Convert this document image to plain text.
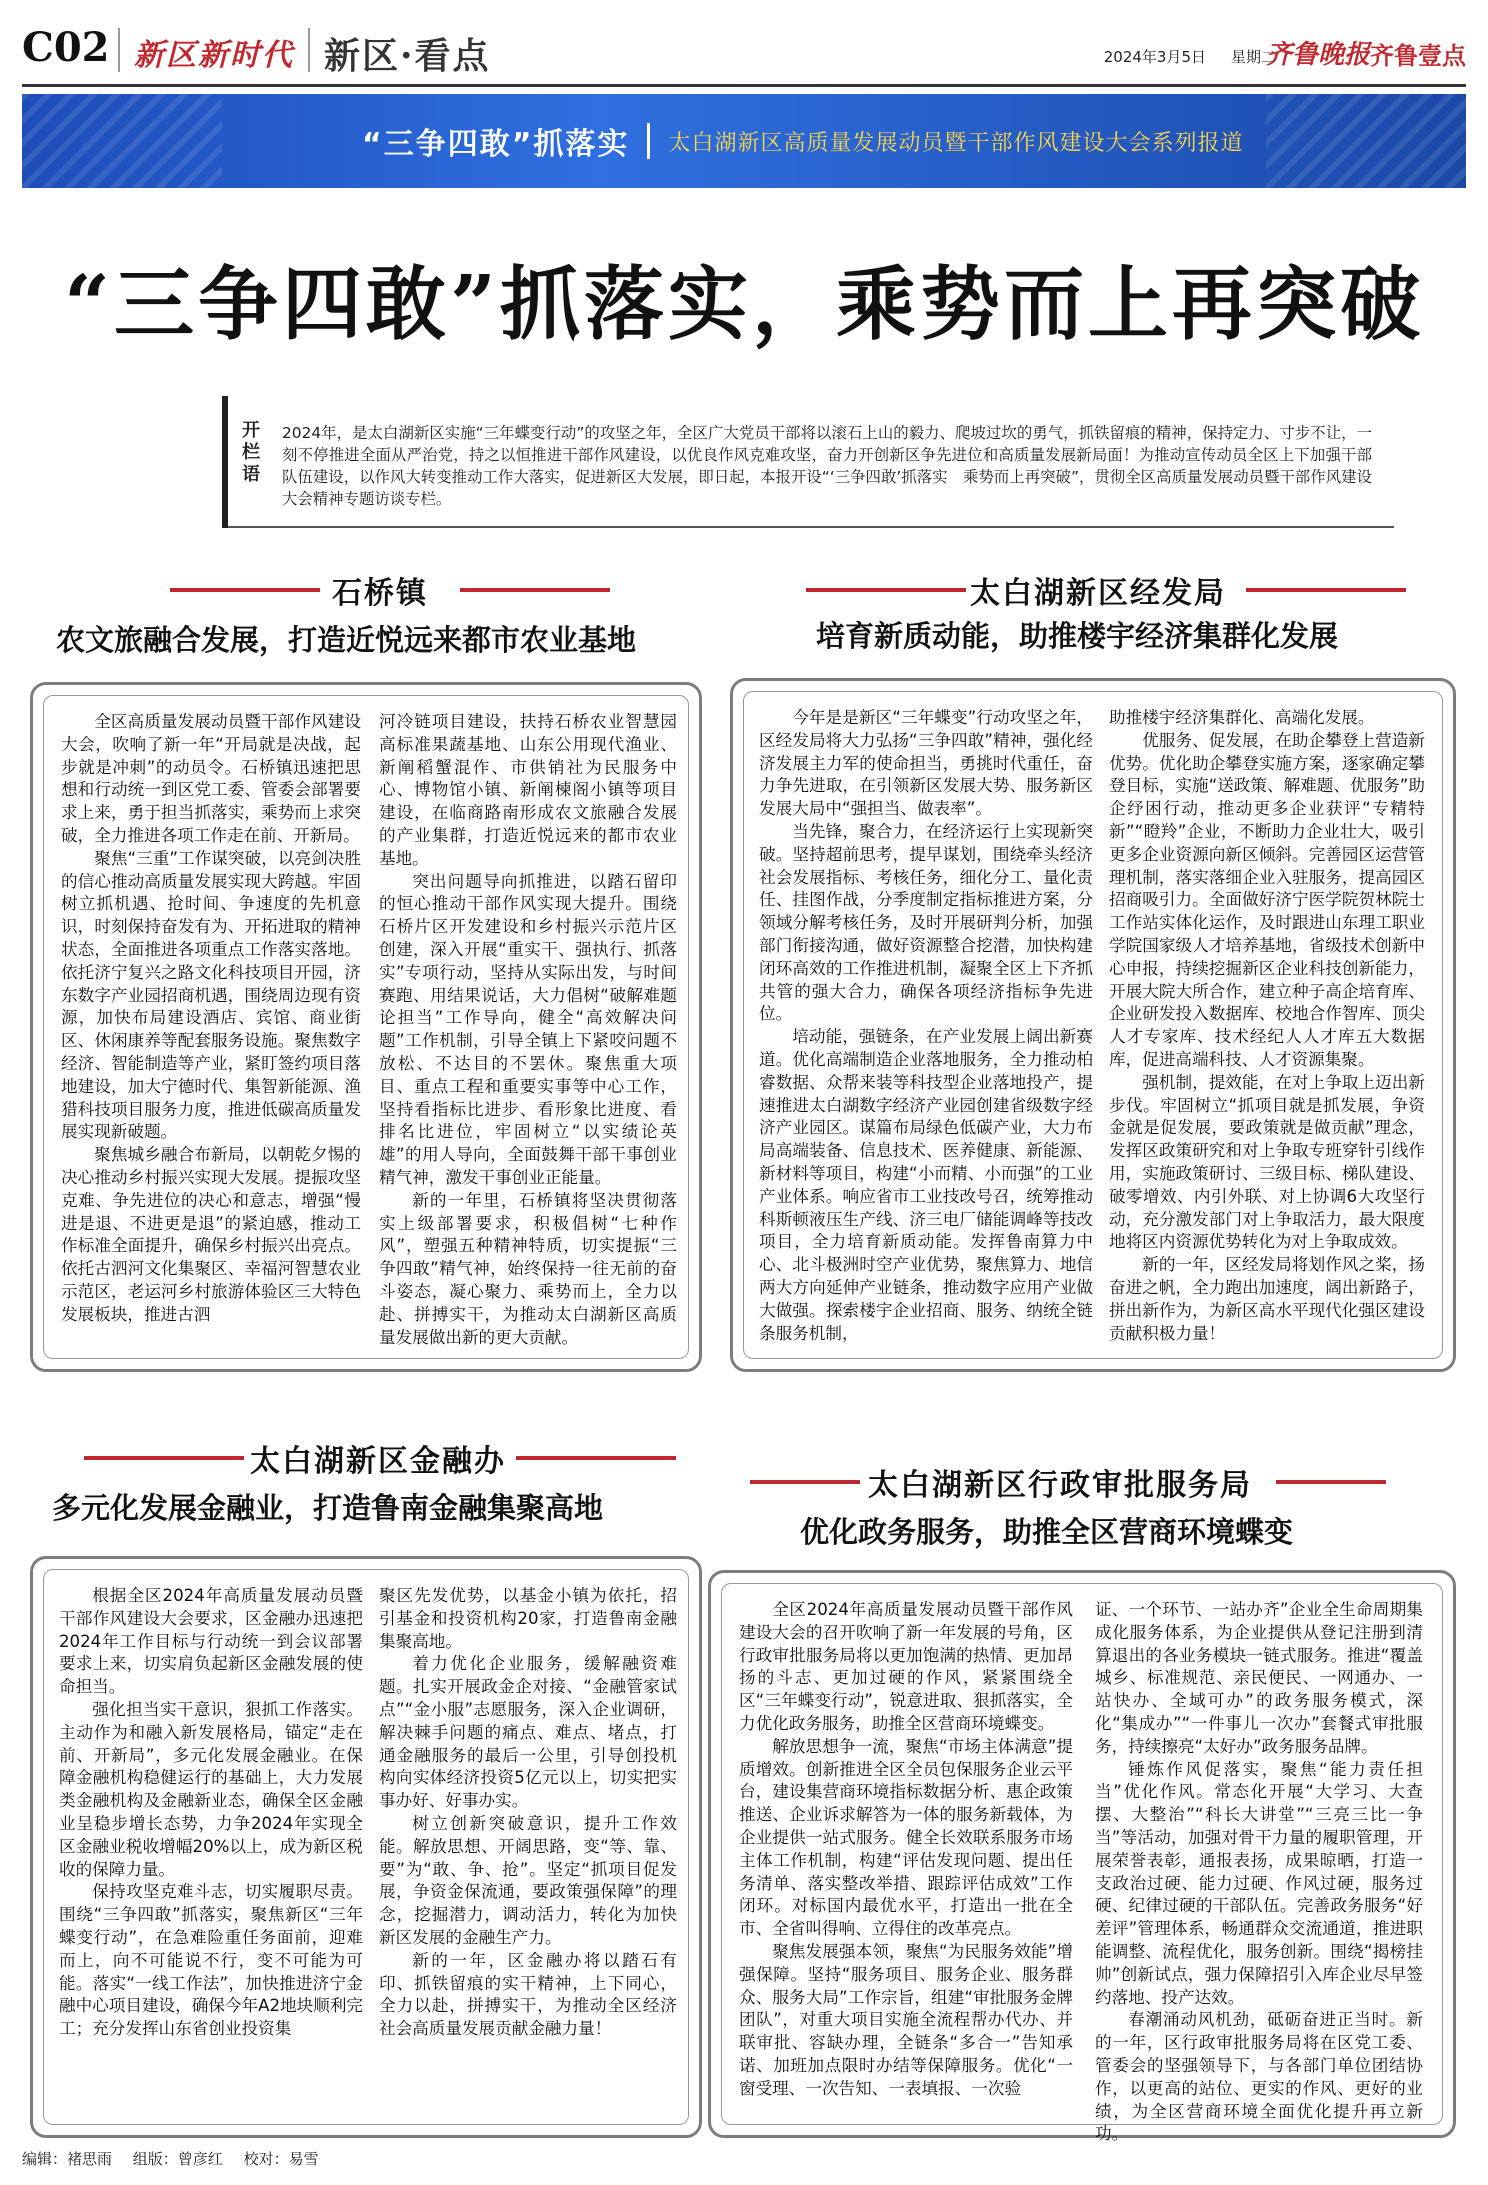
C02 新区新时代 新区·看点	2024年3月5日 星期二
齐鲁晚报 齐鲁壹点
“三争四敢”抓落实 太白湖新区高质量发展动员暨干部作风建设大会系列报道
“三争四敢”抓落实，乘势而上再突破
开栏语
2024年，是太白湖新区实施“三年蝶变行动”的攻坚之年，全区广大党员干部将以滚石上山的毅力、爬坡过坎的勇气，抓铁留痕的精神，保持定力、寸步不让，一刻不停推进全面从严治党，持之以恒推进干部作风建设，以优良作风克难攻坚，奋力开创新区争先进位和高质量发展新局面！为推动宣传动员全区上下加强干部队伍建设，以作风大转变推动工作大落实，促进新区大发展，即日起，本报开设“‘三争四敢’抓落实　乘势而上再突破”，贯彻全区高质量发展动员暨干部作风建设大会精神专题访谈专栏。
石桥镇
农文旅融合发展，打造近悦远来都市农业基地

全区高质量发展动员暨干部作风建设大会，吹响了新一年“开局就是决战，起步就是冲刺”的动员令。石桥镇迅速把思想和行动统一到区党工委、管委会部署要求上来，勇于担当抓落实，乘势而上求突破，全力推进各项工作走在前、开新局。

聚焦“三重”工作谋突破，以亮剑决胜的信心推动高质量发展实现大跨越。牢固树立抓机遇、抢时间、争速度的先机意识，时刻保持奋发有为、开拓进取的精神状态，全面推进各项重点工作落实落地。依托济宁复兴之路文化科技项目开园，济东数字产业园招商机遇，围绕周边现有资源，加快布局建设酒店、宾馆、商业街区、休闲康养等配套服务设施。聚焦数字经济、智能制造等产业，紧盯签约项目落地建设，加大宁德时代、集智新能源、渔猎科技项目服务力度，推进低碳高质量发展实现新破题。

聚焦城乡融合布新局，以朝乾夕惕的决心推动乡村振兴实现大发展。提振攻坚克难、争先进位的决心和意志，增强“慢进是退、不进更是退”的紧迫感，推动工作标准全面提升，确保乡村振兴出亮点。依托古泗河文化集聚区、幸福河智慧农业示范区，老运河乡村旅游体验区三大特色发展板块，推进古泗

河冷链项目建设，扶持石桥农业智慧园高标准果蔬基地、山东公用现代渔业、新阐稻蟹混作、市供销社为民服务中心、博物馆小镇、新阐楝阁小镇等项目建设，在临商路南形成农文旅融合发展的产业集群，打造近悦远来的都市农业基地。

突出问题导向抓推进，以踏石留印的恒心推动干部作风实现大提升。围绕石桥片区开发建设和乡村振兴示范片区创建，深入开展“重实干、强执行、抓落实”专项行动，坚持从实际出发，与时间赛跑、用结果说话，大力倡树“破解难题论担当”工作导向，健全“高效解决问题”工作机制，引导全镇上下紧咬问题不放松、不达目的不罢休。聚焦重大项目、重点工程和重要实事等中心工作，坚持看指标比进步、看形象比进度、看排名比进位，牢固树立“以实绩论英雄”的用人导向，全面鼓舞干部干事创业精气神，激发干事创业正能量。

新的一年里，石桥镇将坚决贯彻落实上级部署要求，积极倡树“七种作风”，塑强五种精神特质，切实提振“三争四敢”精气神，始终保持一往无前的奋斗姿态，凝心聚力、乘势而上，全力以赴、拼搏实干，为推动太白湖新区高质量发展做出新的更大贡献。

太白湖新区经发局
培育新质动能，助推楼宇经济集群化发展

今年是是新区“三年蝶变”行动攻坚之年，区经发局将大力弘扬“三争四敢”精神，强化经济发展主力军的使命担当，勇挑时代重任，奋力争先进取，在引领新区发展大势、服务新区发展大局中“强担当、做表率”。

当先锋，聚合力，在经济运行上实现新突破。坚持超前思考，提早谋划，围绕牵头经济社会发展指标、考核任务，细化分工、量化责任、挂图作战，分季度制定指标推进方案，分领域分解考核任务，及时开展研判分析，加强部门衔接沟通，做好资源整合挖潜，加快构建闭环高效的工作推进机制，凝聚全区上下齐抓共管的强大合力，确保各项经济指标争先进位。

培动能，强链条，在产业发展上阔出新赛道。优化高端制造企业落地服务，全力推动柏睿数据、众帮来装等科技型企业落地投产，提速推进太白湖数字经济产业园创建省级数字经济产业园区。谋篇布局绿色低碳产业，大力布局高端装备、信息技术、医养健康、新能源、新材料等项目，构建“小而精、小而强”的工业产业体系。响应省市工业技改号召，统筹推动科斯顿液压生产线、济三电厂储能调峰等技改项目，全力培育新质动能。发挥鲁南算力中心、北斗极洲时空产业优势，聚焦算力、地信两大方向延伸产业链条，推动数字应用产业做大做强。探索楼宇企业招商、服务、纳统全链条服务机制，

助推楼宇经济集群化、高端化发展。

优服务、促发展，在助企攀登上营造新优势。优化助企攀登实施方案，逐家确定攀登目标，实施“送政策、解难题、优服务”助企纾困行动，推动更多企业获评“专精特新”“瞪羚”企业，不断助力企业壮大，吸引更多企业资源向新区倾斜。完善园区运营管理机制，落实落细企业入驻服务，提高园区招商吸引力。全面做好济宁医学院贺林院士工作站实体化运作，及时跟进山东理工职业学院国家级人才培养基地，省级技术创新中心申报，持续挖掘新区企业科技创新能力，开展大院大所合作，建立种子高企培育库、企业研发投入数据库、校地合作智库、顶尖人才专家库、技术经纪人人才库五大数据库，促进高端科技、人才资源集聚。

强机制，提效能，在对上争取上迈出新步伐。牢固树立“抓项目就是抓发展，争资金就是促发展，要政策就是做贡献”理念，发挥区政策研究和对上争取专班穿针引线作用，实施政策研讨、三级目标、梯队建设、破零增效、内引外联、对上协调6大攻坚行动，充分激发部门对上争取活力，最大限度地将区内资源优势转化为对上争取成效。

新的一年，区经发局将划作风之桨，扬奋进之帆，全力跑出加速度，阔出新路子，拼出新作为，为新区高水平现代化强区建设贡献积极力量！

太白湖新区金融办
多元化发展金融业，打造鲁南金融集聚高地

根据全区2024年高质量发展动员暨干部作风建设大会要求，区金融办迅速把2024年工作目标与行动统一到会议部署要求上来，切实肩负起新区金融发展的使命担当。

强化担当实干意识，狠抓工作落实。主动作为和融入新发展格局，锚定“走在前、开新局”，多元化发展金融业。在保障金融机构稳健运行的基础上，大力发展类金融机构及金融新业态，确保全区金融业呈稳步增长态势，力争2024年实现全区金融业税收增幅20%以上，成为新区税收的保障力量。

保持攻坚克难斗志，切实履职尽责。围绕“三争四敢”抓落实，聚焦新区“三年蝶变行动”，在急难险重任务面前，迎难而上，向不可能说不行，变不可能为可能。落实“一线工作法”，加快推进济宁金融中心项目建设，确保今年A2地块顺利完工；充分发挥山东省创业投资集

聚区先发优势，以基金小镇为依托，招引基金和投资机构20家，打造鲁南金融集聚高地。

着力优化企业服务，缓解融资难题。扎实开展政金企对接、“金融管家试点”“金小服”志愿服务，深入企业调研，解决棘手问题的痛点、难点、堵点，打通金融服务的最后一公里，引导创投机构向实体经济投资5亿元以上，切实把实事办好、好事办实。

树立创新突破意识，提升工作效能。解放思想、开阔思路，变“等、靠、要”为“敢、争、抢”。坚定“抓项目促发展，争资金保流通，要政策强保障”的理念，挖掘潜力，调动活力，转化为加快新区发展的金融生产力。

新的一年，区金融办将以踏石有印、抓铁留痕的实干精神，上下同心，全力以赴，拼搏实干，为推动全区经济社会高质量发展贡献金融力量！

太白湖新区行政审批服务局
优化政务服务，助推全区营商环境蝶变

全区2024年高质量发展动员暨干部作风建设大会的召开吹响了新一年发展的号角，区行政审批服务局将以更加饱满的热情、更加昂扬的斗志、更加过硬的作风，紧紧围绕全区“三年蝶变行动”，锐意进取、狠抓落实，全力优化政务服务，助推全区营商环境蝶变。

解放思想争一流，聚焦“市场主体满意”提质增效。创新推进全区全员包保服务企业云平台，建设集营商环境指标数据分析、惠企政策推送、企业诉求解答为一体的服务新载体，为企业提供一站式服务。健全长效联系服务市场主体工作机制，构建“评估发现问题、提出任务清单、落实整改举措、跟踪评估成效”工作闭环。对标国内最优水平，打造出一批在全市、全省叫得响、立得住的改革亮点。

聚焦发展强本领，聚焦“为民服务效能”增强保障。坚持“服务项目、服务企业、服务群众、服务大局”工作宗旨，组建“审批服务金牌团队”，对重大项目实施全流程帮办代办、并联审批、容缺办理，全链条“多合一”告知承诺、加班加点限时办结等保障服务。优化“一窗受理、一次告知、一表填报、一次验

证、一个环节、一站办齐”企业全生命周期集成化服务体系，为企业提供从登记注册到清算退出的各业务模块一链式服务。推进“覆盖城乡、标准规范、亲民便民、一网通办、一站快办、全域可办”的政务服务模式，深化“集成办”“一件事儿一次办”套餐式审批服务，持续擦亮“太好办”政务服务品牌。

锤炼作风促落实，聚焦“能力责任担当”优化作风。常态化开展“大学习、大查摆、大整治”“科长大讲堂”“三亮三比一争当”等活动，加强对骨干力量的履职管理，开展荣誉表彰，通报表扬，成果晾晒，打造一支政治过硬、能力过硬、作风过硬，服务过硬、纪律过硬的干部队伍。完善政务服务“好差评”管理体系，畅通群众交流通道，推进职能调整、流程优化，服务创新。围绕“揭榜挂帅”创新试点，强力保障招引入库企业尽早签约落地、投产达效。

春潮涌动风机劲，砥砺奋进正当时。新的一年，区行政审批服务局将在区党工委、管委会的坚强领导下，与各部门单位团结协作，以更高的站位、更实的作风、更好的业绩，为全区营商环境全面优化提升再立新功。

编辑：褚思雨 组版：曾彦红 校对：易雪
